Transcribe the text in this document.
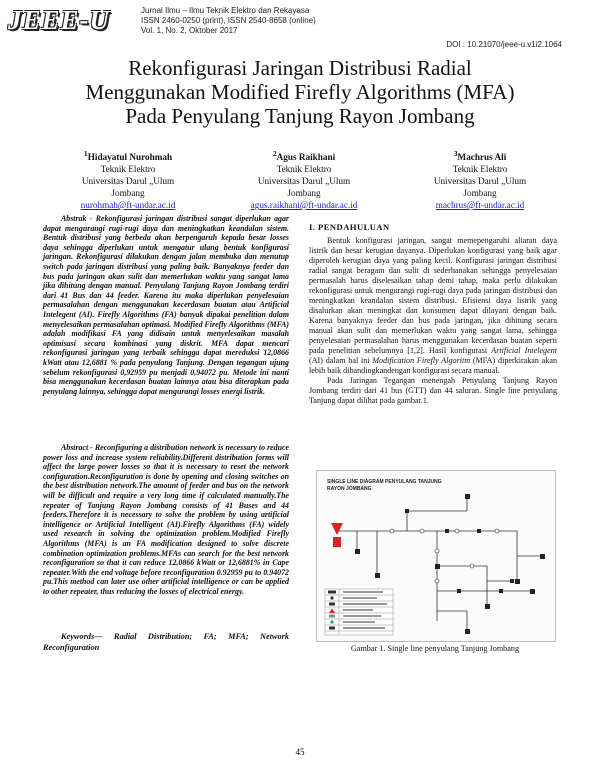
JEEE-U	Jurnal Ilmu – Ilmu Teknik Elektro dan Rekayasa
ISSN 2460-0250 (print), ISSN 2540-8658 (online)
Vol. 1, No. 2, Oktober 2017
DOI : 10.21070/jeee-u.v1i2.1064
Rekonfigurasi Jaringan Distribusi Radial
Menggunakan Modified Firefly Algorithms (MFA)
Pada Penyulang Tanjung Rayon Jombang
$^1$Hidayatul Nurohmah
Teknik Elektro
Universitas Darul „Ulum
Jombang
nurohmah@ft-undar.ac.id
$^2$Agus Raikhani
Teknik Elektro
Universitas Darul „Ulum
Jombang
agus.raikhani@ft-undar.ac.id
$^3$Machrus Ali
Teknik Elektro
Universitas Darul „Ulum
Jombang
machrus@ft-undar.ac.id

Abstrak - Rekonfigurasi jaringan distribusi sangat diperlukan agar dapat mengurangi rugi-rugi daya dan meningkatkan keandalan sistem. Bentuk distribusi yang berbeda akan berpengaruh kepada besar losses daya sehingga diperlukan untuk mengatur ulang bentuk konfigurasi jaringan. Rekonfigurasi dilakukan dengan jalan membuka dan menutup switch pada jaringan distribusi yang paling baik. Banyaknya feeder dan bus pada jaringan akan sulit dan memerlukan waktu yang sangat lama jika dihitung dengan manual. Penyulang Tanjung Rayon Jombang terdiri dari 41 Bus dan 44 feeder. Karena itu maka diperlukan penyelesaian permasalahan dengan menggunakan kecerdasan buatan atau Artificial Intelegent (AI). Firefly Algorithms (FA) banyak dipakai penelitian dalam menyelesaikan permasalahan optimasi. Modified Firefly Algorithms (MFA) adalah modifikasi FA yang didisain untuk menyelesaikan masalah optimisasi secara kombinasi yang diskrit. MFA dapat mencari rekonfigurasi jaringan yang terbaik sehingga dapat mereduksi 12,0866 kWatt atau 12,6881 % pada penyulang Tanjung. Dengan tegangan ujung sebelum rekonfigurasi 0,92959 pu menjadi 0,94072 pu. Metode ini nanti bisa menggunakan kecerdasan buatan lainnya atau bisa diterapkan pada penyulang lainnya, sehingga dapat mengurangi losses energi listrik.

Abstract - Reconfiguring a distribution network is necessary to reduce power loss and increase system reliability.Different distribution forms will affect the large power losses so that it is necessary to reset the network configuration.Reconfiguration is done by opening and closing switches on the best distribution network.The amount of feeder and bus on the network will be difficult and require a very long time if calculated manually.The repeater of Tanjung Rayon Jombang consists of 41 Buses and 44 feeders.Therefore it is necessary to solve the problem by using artificial intelligence or Artificial Intelligent (AI).Firefly Algorithms (FA) widely used research in solving the optimization problem.Modified Firefly Algorithms (MFA) is an FA modification designed to solve discrete combination optimization problems.MFAs can search for the best network reconfiguration so that it can reduce 12,0866 kWatt or 12,6881% in Cape repeater.With the end voltage before reconfiguration 0.92959 pu to 0.94072 pu.This method can later use other artificial intelligence or can be applied to other repeater, thus reducing the losses of electrical energy.

Keywords— Radial Distribution; FA; MFA; Network Reconfiguration

I. PENDAHULUAN

Bentuk konfigurasi jaringan, sangat memepengaruhi aliaran daya listrik dan besar kerugian dayanya. Diperlukan konfigurasi yang baik agar diperoleh kerugian daya yang paling kecil. Konfigurasi jaringan distribusi radial sangat beragam dan sulit di sederhanakan sehingga penyelesaian permasalah harus diselesaikan tahap demi tahap, maka perlu dilakukan rekonfigurasi untuk mengurangi rugi-rugi daya pada jaringan distribusi dan meningkatkan keandalan sistem distribusi. Efisiensi daya listrik yang disalurkan akan meningkat dan konsumen dapat dilayani dengan baik. Karena banyaknya feeder dan bus pada jaringan, jika dihitung secara manual akan sulit dan memerlukan waktu yang sangat lama, sehingga penyelesaian permasalahan harus menggunakan kecerdasan buatan seperti pada penelitian sebelumnya [1,2]. Hasil konfigurasi Artificial Intelegent (AI) dalam hal ini Modification Firefly Algoritm (MFA) diperkirakan akan lebih baik dibandingkandengan konfigurasi secara manual.

Pada Jaringan Tegangan menengah Penyulang Tanjung Rayon Jombang terdiri dari 41 bus (GTT) dan 44 saluran. Single line penyulang Tanjung dapat dilihat pada gambar.1.

SINGLE LINE DIAGRAM PENYULANG TANJUNG
RAYON JOMBANG
Gambar 1. Single line penyulang Tanjung Jombang
45
